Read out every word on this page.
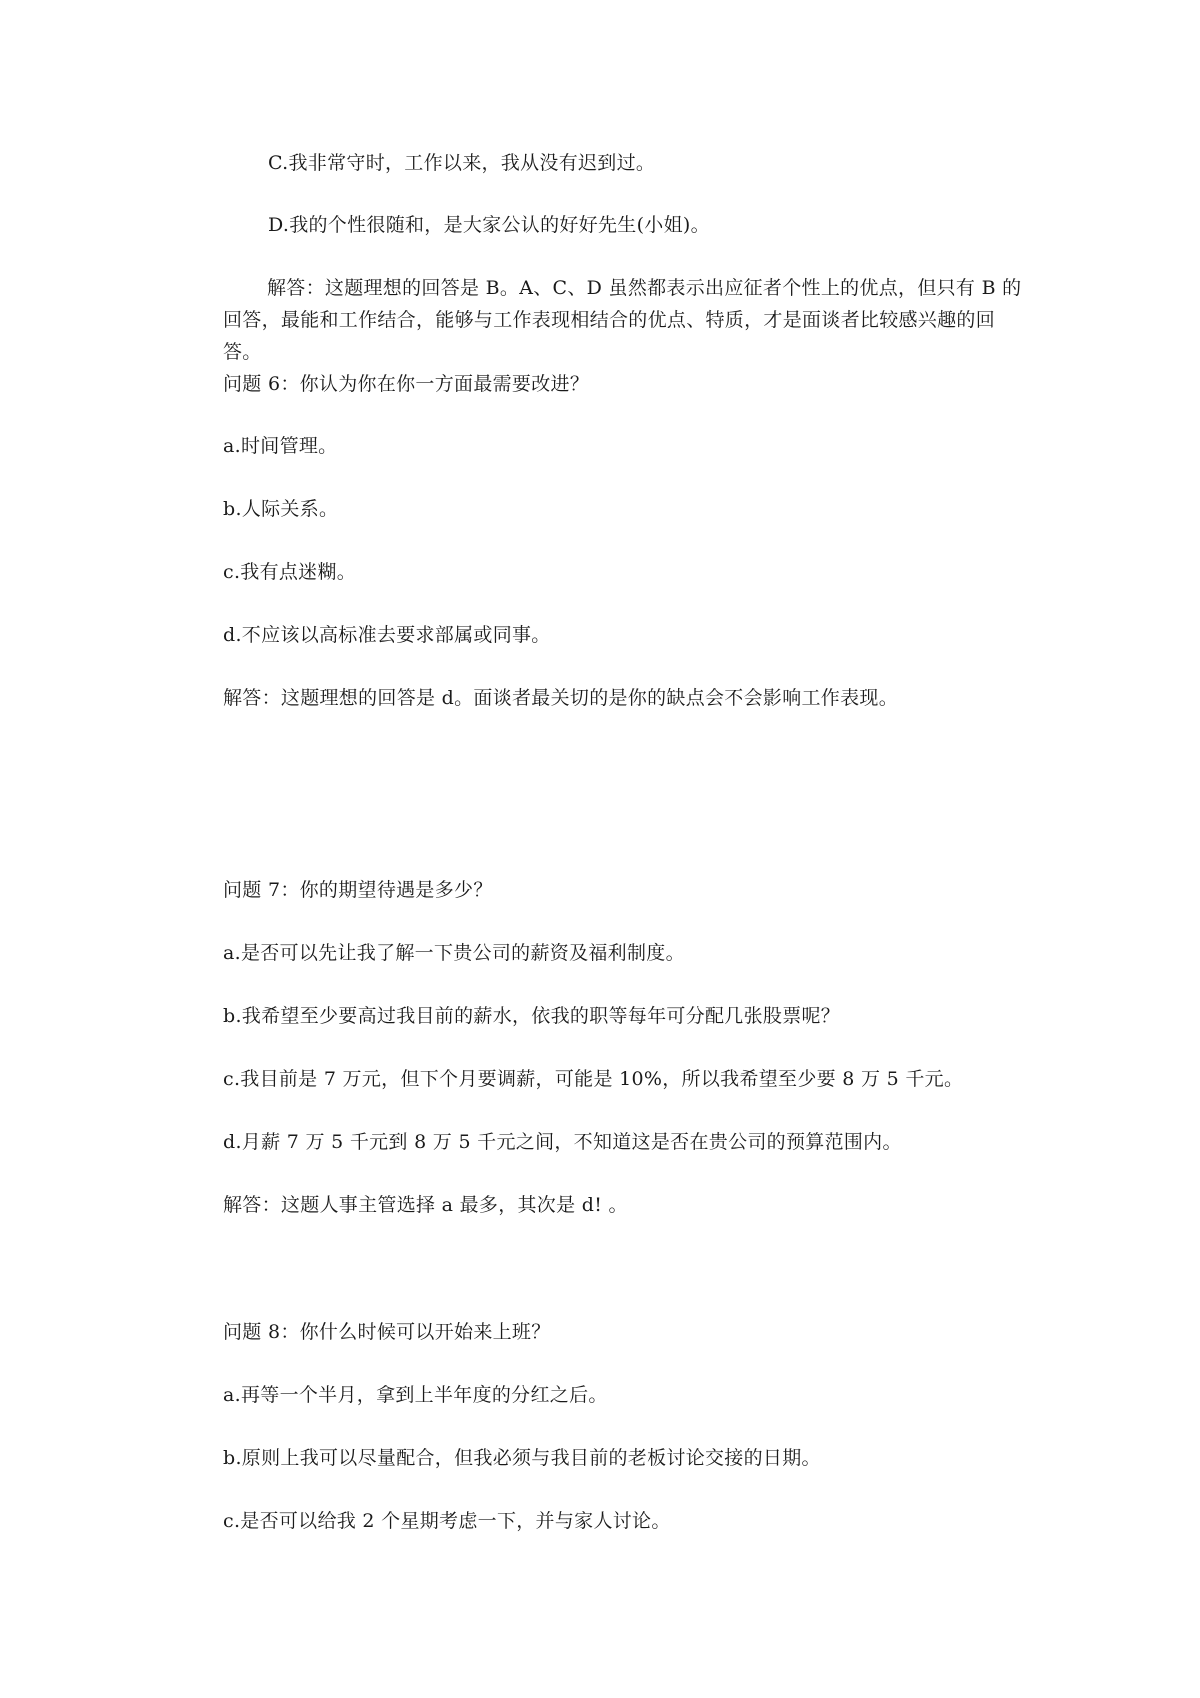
C.我非常守时，工作以来，我从没有迟到过。
D.我的个性很随和，是大家公认的好好先生(小姐)。
解答：这题理想的回答是 B。A、C、D 虽然都表示出应征者个性上的优点，但只有 B 的回答，最能和工作结合，能够与工作表现相结合的优点、特质，才是面谈者比较感兴趣的回答。
问题 6：你认为你在你一方面最需要改进？
a.时间管理。
b.人际关系。
c.我有点迷糊。
d.不应该以高标准去要求部属或同事。
解答：这题理想的回答是 d。面谈者最关切的是你的缺点会不会影响工作表现。
问题 7：你的期望待遇是多少？
a.是否可以先让我了解一下贵公司的薪资及福利制度。
b.我希望至少要高过我目前的薪水，依我的职等每年可分配几张股票呢？
c.我目前是 7 万元，但下个月要调薪，可能是 10%，所以我希望至少要 8 万 5 千元。
d.月薪 7 万 5 千元到 8 万 5 千元之间，不知道这是否在贵公司的预算范围内。
解答：这题人事主管选择 a 最多，其次是 d! 。
问题 8：你什么时候可以开始来上班？
a.再等一个半月，拿到上半年度的分红之后。
b.原则上我可以尽量配合，但我必须与我目前的老板讨论交接的日期。
c.是否可以给我 2 个星期考虑一下，并与家人讨论。
